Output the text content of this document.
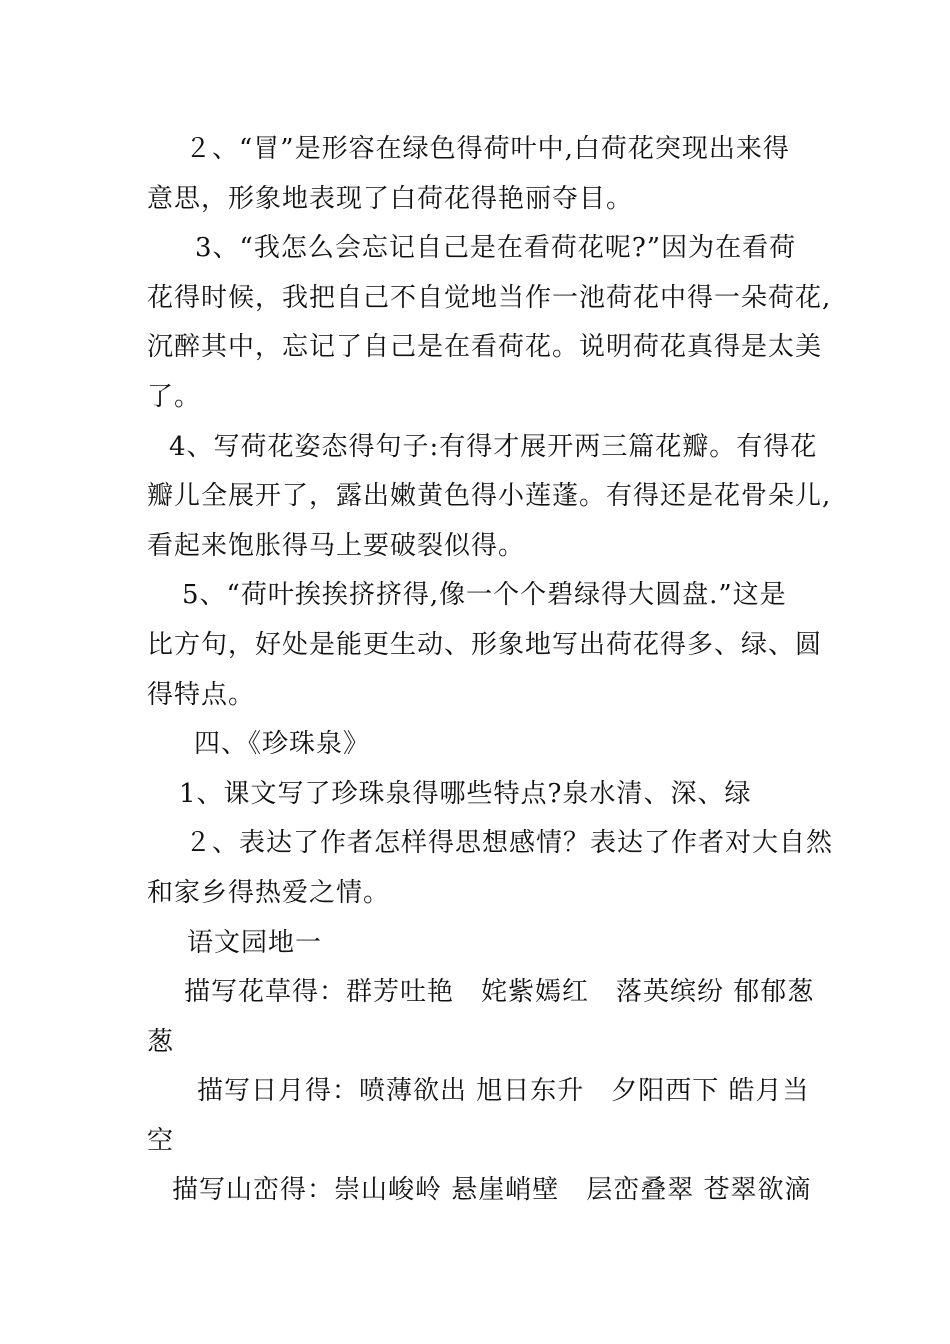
２、“冒”是形容在绿色得荷叶中,白荷花突现出来得
意思，形象地表现了白荷花得艳丽夺目。
3、“我怎么会忘记自己是在看荷花呢?”因为在看荷
花得时候，我把自己不自觉地当作一池荷花中得一朵荷花,
沉醉其中，忘记了自己是在看荷花。说明荷花真得是太美
了。
4、写荷花姿态得句子:有得才展开两三篇花瓣。有得花
瓣儿全展开了，露出嫩黄色得小莲蓬。有得还是花骨朵儿,
看起来饱胀得马上要破裂似得。
5、“荷叶挨挨挤挤得,像一个个碧绿得大圆盘.”这是
比方句，好处是能更生动、形象地写出荷花得多、绿、圆
得特点。
四、《珍珠泉》
1、课文写了珍珠泉得哪些特点?泉水清、深、绿
２、表达了作者怎样得思想感情？表达了作者对大自然
和家乡得热爱之情。
语文园地一
描写花草得：群芳吐艳　姹紫嫣红　落英缤纷 郁郁葱
葱
描写日月得：喷薄欲出 旭日东升　夕阳西下 皓月当
空
描写山峦得：崇山峻岭 悬崖峭壁　层峦叠翠 苍翠欲滴
